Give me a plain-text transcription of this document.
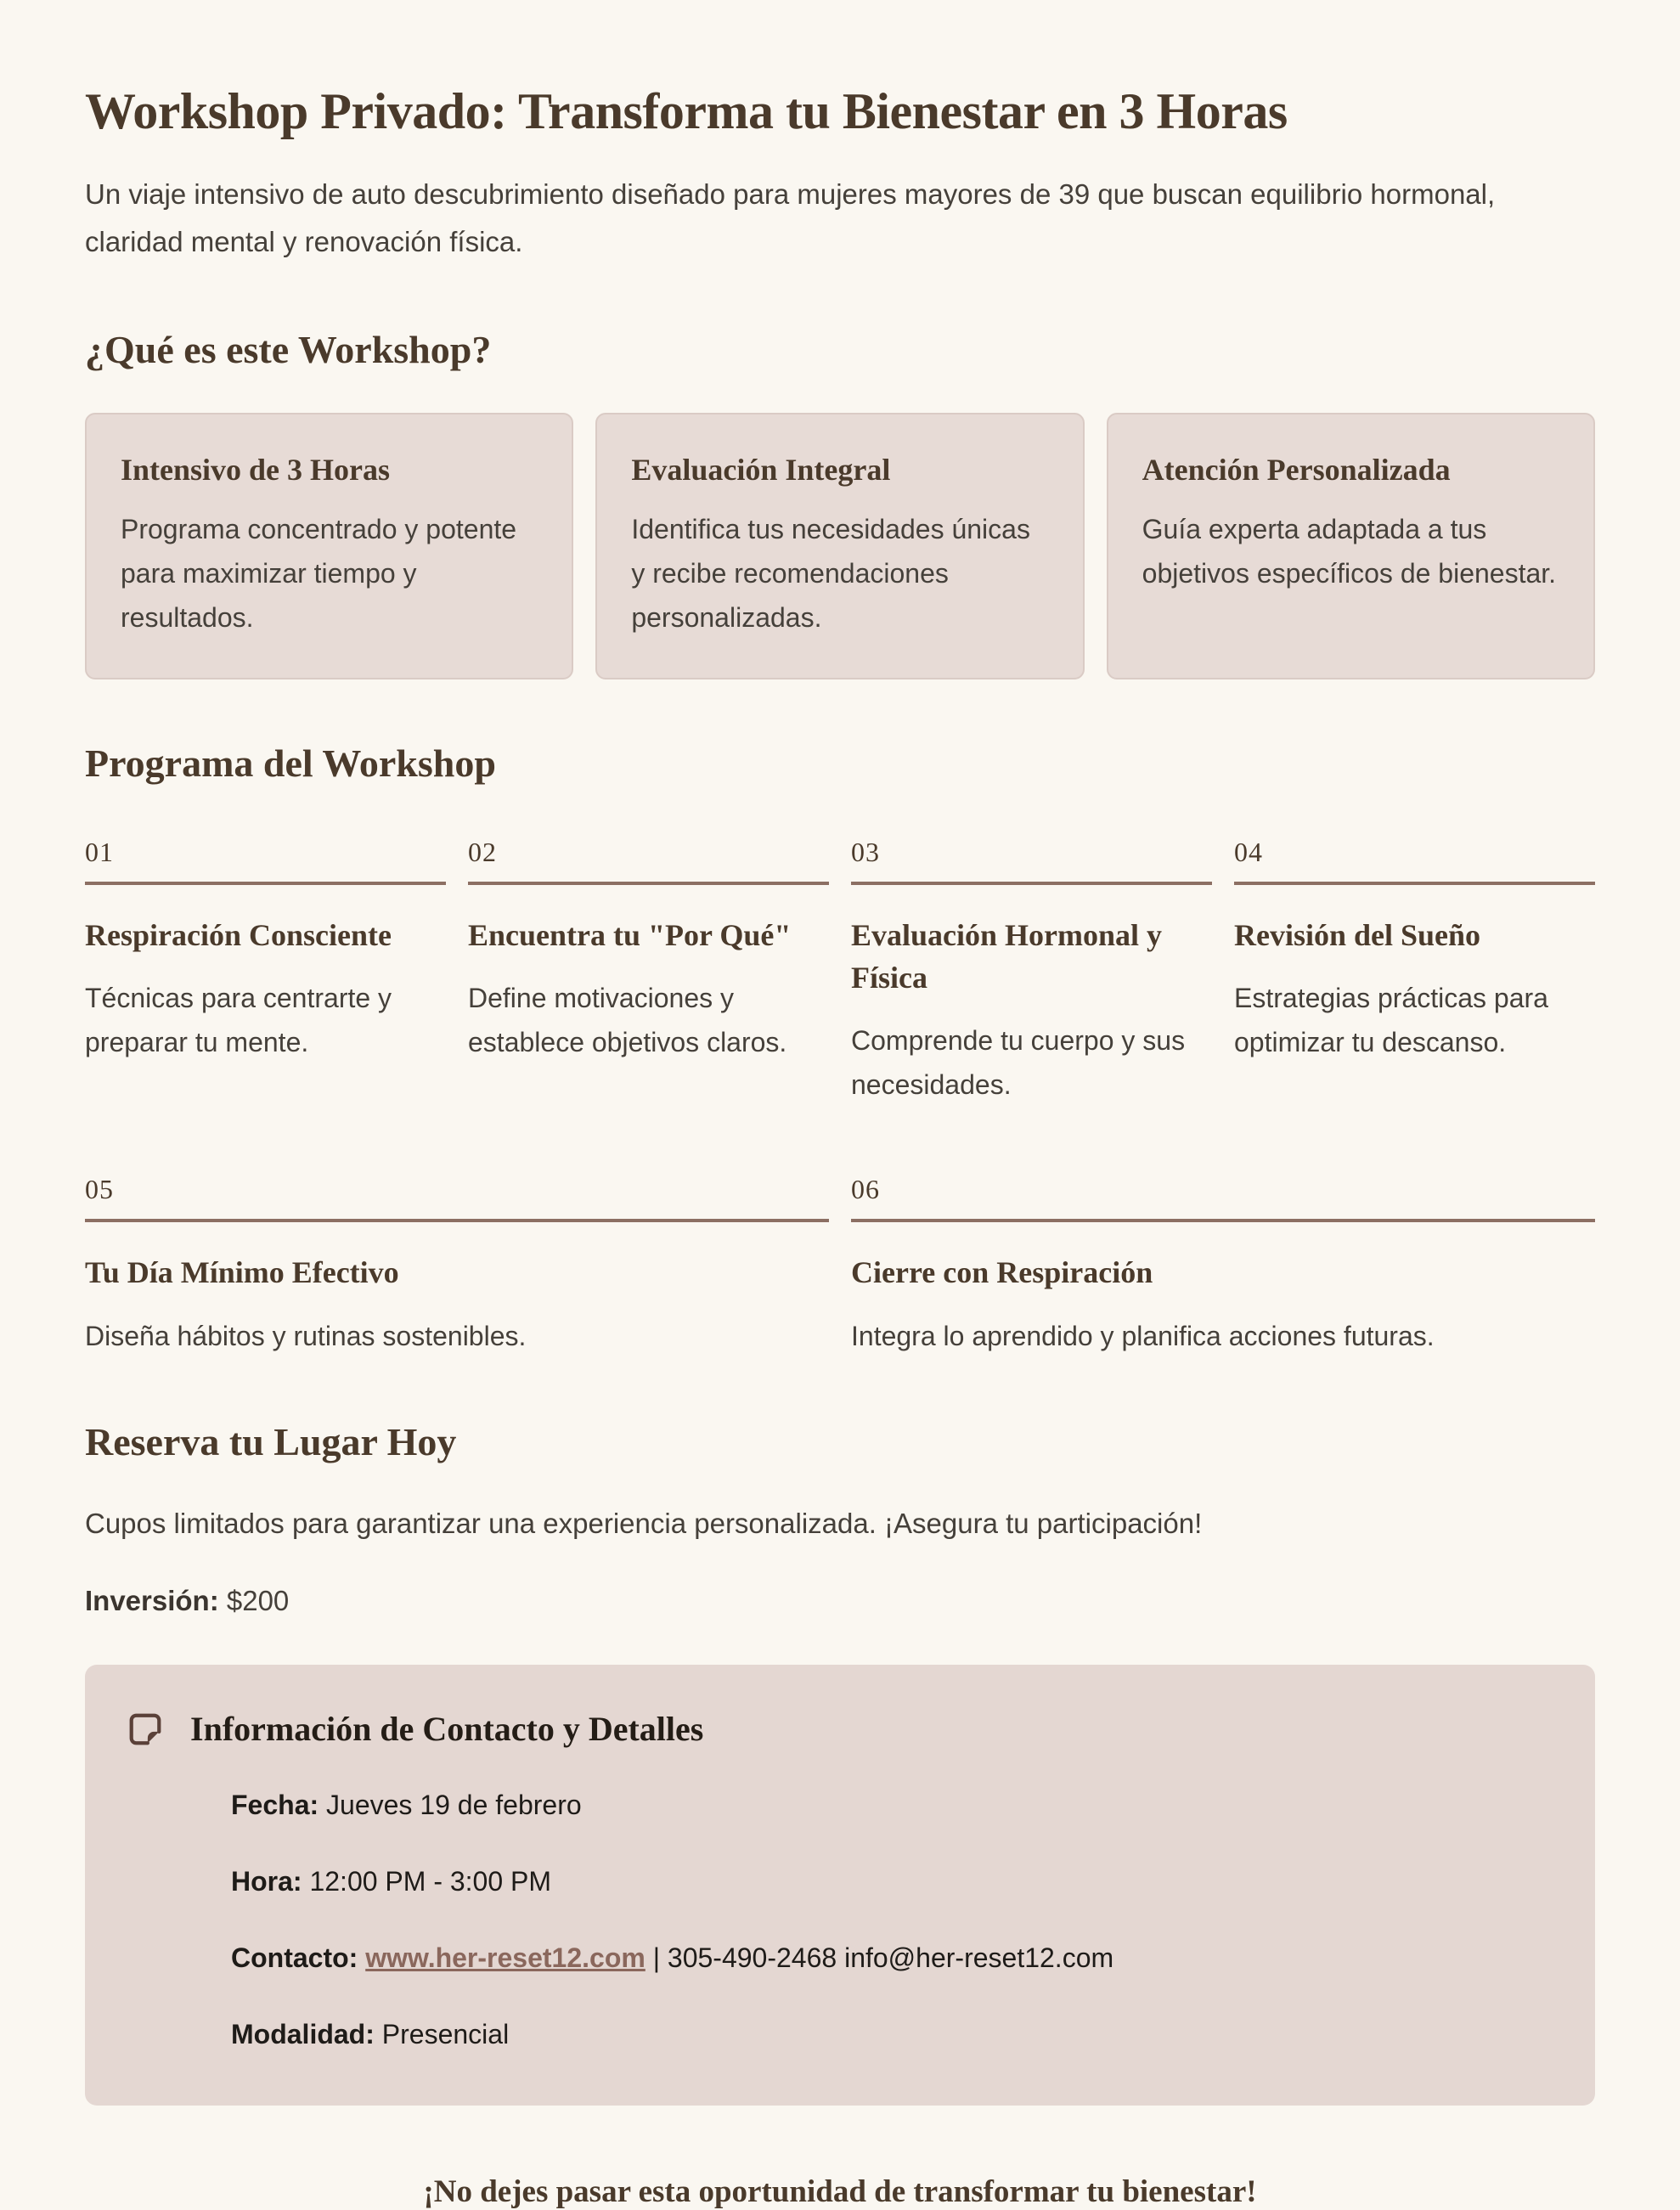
Workshop Privado: Transforma tu Bienestar en 3 Horas

Un viaje intensivo de auto descubrimiento diseñado para mujeres mayores de 39 que buscan equilibrio hormonal, claridad mental y renovación física.

¿Qué es este Workshop?
Intensivo de 3 Horas

Programa concentrado y potente para maximizar tiempo y resultados.

Evaluación Integral

Identifica tus necesidades únicas y recibe recomendaciones personalizadas.

Atención Personalizada

Guía experta adaptada a tus objetivos específicos de bienestar.

Programa del Workshop
01
Respiración Consciente

Técnicas para centrarte y preparar tu mente.

02
Encuentra tu "Por Qué"

Define motivaciones y establece objetivos claros.

03
Evaluación Hormonal y Física

Comprende tu cuerpo y sus necesidades.

04
Revisión del Sueño

Estrategias prácticas para optimizar tu descanso.

05
Tu Día Mínimo Efectivo

Diseña hábitos y rutinas sostenibles.

06
Cierre con Respiración

Integra lo aprendido y planifica acciones futuras.

Reserva tu Lugar Hoy

Cupos limitados para garantizar una experiencia personalizada. ¡Asegura tu participación!

Inversión: $200

Información de Contacto y Detalles
Fecha: Jueves 19 de febrero
Hora: 12:00 PM - 3:00 PM
Contacto: www.her-reset12.com | 305-490-2468 info@her-reset12.com
Modalidad: Presencial
¡No dejes pasar esta oportunidad de transformar tu bienestar!
